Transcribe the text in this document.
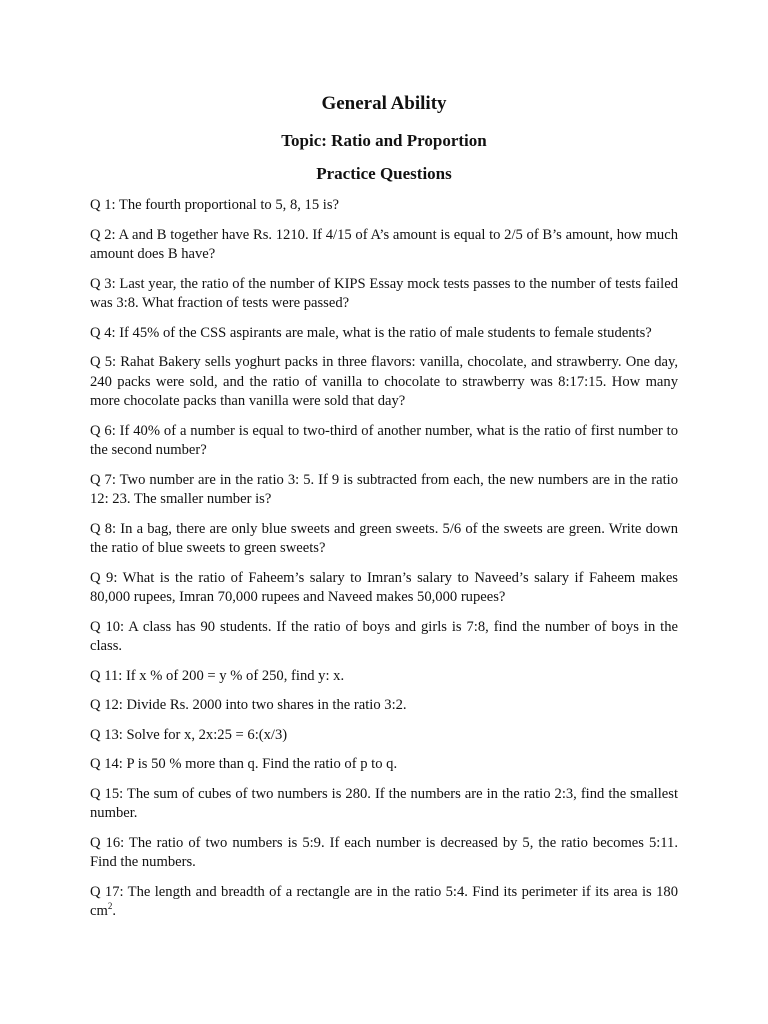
General Ability
Topic: Ratio and Proportion
Practice Questions

Q 1: The fourth proportional to 5, 8, 15 is?

Q 2: A and B together have Rs. 1210. If 4/15 of A’s amount is equal to 2/5 of B’s amount, how much amount does B have?

Q 3: Last year, the ratio of the number of KIPS Essay mock tests passes to the number of tests failed was 3:8. What fraction of tests were passed?

Q 4: If 45% of the CSS aspirants are male, what is the ratio of male students to female students?

Q 5: Rahat Bakery sells yoghurt packs in three flavors: vanilla, chocolate, and strawberry. One day, 240 packs were sold, and the ratio of vanilla to chocolate to strawberry was 8:17:15. How many more chocolate packs than vanilla were sold that day?

Q 6: If 40% of a number is equal to two-third of another number, what is the ratio of first number to the second number?

Q 7: Two number are in the ratio 3: 5. If 9 is subtracted from each, the new numbers are in the ratio 12: 23. The smaller number is?

Q 8: In a bag, there are only blue sweets and green sweets. 5/6 of the sweets are green. Write down the ratio of blue sweets to green sweets?

Q 9: What is the ratio of Faheem’s salary to Imran’s salary to Naveed’s salary if Faheem makes 80,000 rupees, Imran 70,000 rupees and Naveed makes 50,000 rupees?

Q 10: A class has 90 students. If the ratio of boys and girls is 7:8, find the number of boys in the class.

Q 11: If x % of 200 = y % of 250, find y: x.

Q 12: Divide Rs. 2000 into two shares in the ratio 3:2.

Q 13: Solve for x, 2x:25 = 6:(x/3)

Q 14: P is 50 % more than q. Find the ratio of p to q.

Q 15: The sum of cubes of two numbers is 280. If the numbers are in the ratio 2:3, find the smallest number.

Q 16: The ratio of two numbers is 5:9. If each number is decreased by 5, the ratio becomes 5:11. Find the numbers.

Q 17: The length and breadth of a rectangle are in the ratio 5:4. Find its perimeter if its area is 180 $cm^2$.
